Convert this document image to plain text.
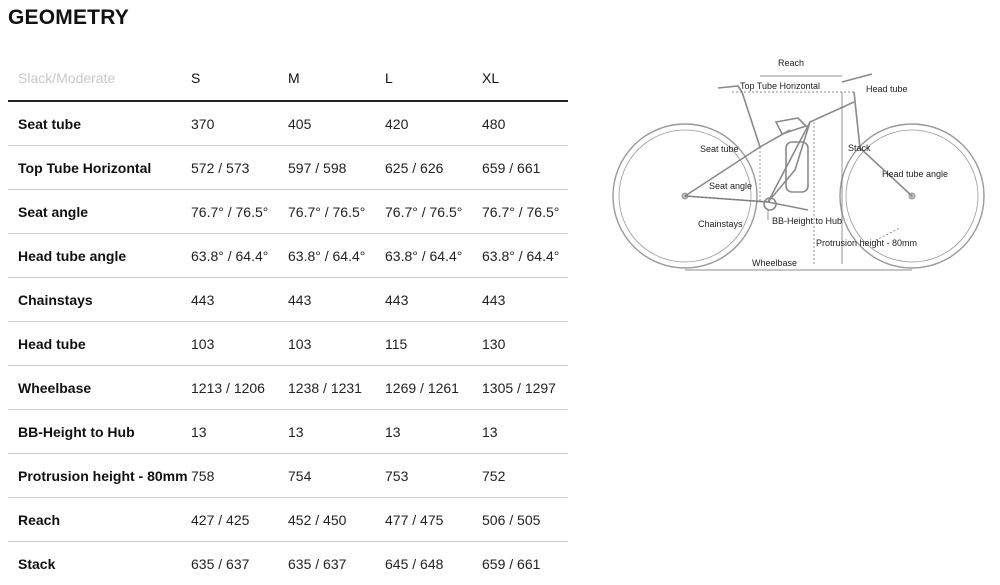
GEOMETRY
Slack/Moderate	S	M	L	XL
Seat tube	370	405	420	480
Top Tube Horizontal	572 / 573	597 / 598	625 / 626	659 / 661
Seat angle	76.7° / 76.5°	76.7° / 76.5°	76.7° / 76.5°	76.7° / 76.5°
Head tube angle	63.8° / 64.4°	63.8° / 64.4°	63.8° / 64.4°	63.8° / 64.4°
Chainstays	443	443	443	443
Head tube	103	103	115	130
Wheelbase	1213 / 1206	1238 / 1231	1269 / 1261	1305 / 1297
BB-Height to Hub	13	13	13	13
Protrusion height - 80mm	758	754	753	752
Reach	427 / 425	452 / 450	477 / 475	506 / 505
Stack	635 / 637	635 / 637	645 / 648	659 / 661
Reach
Top Tube Horizontal	Head tube
Seat tube	Stack
Head tube angle
Seat angle
Chainstays	BB-Height to Hub
Protrusion height - 80mm
Wheelbase
